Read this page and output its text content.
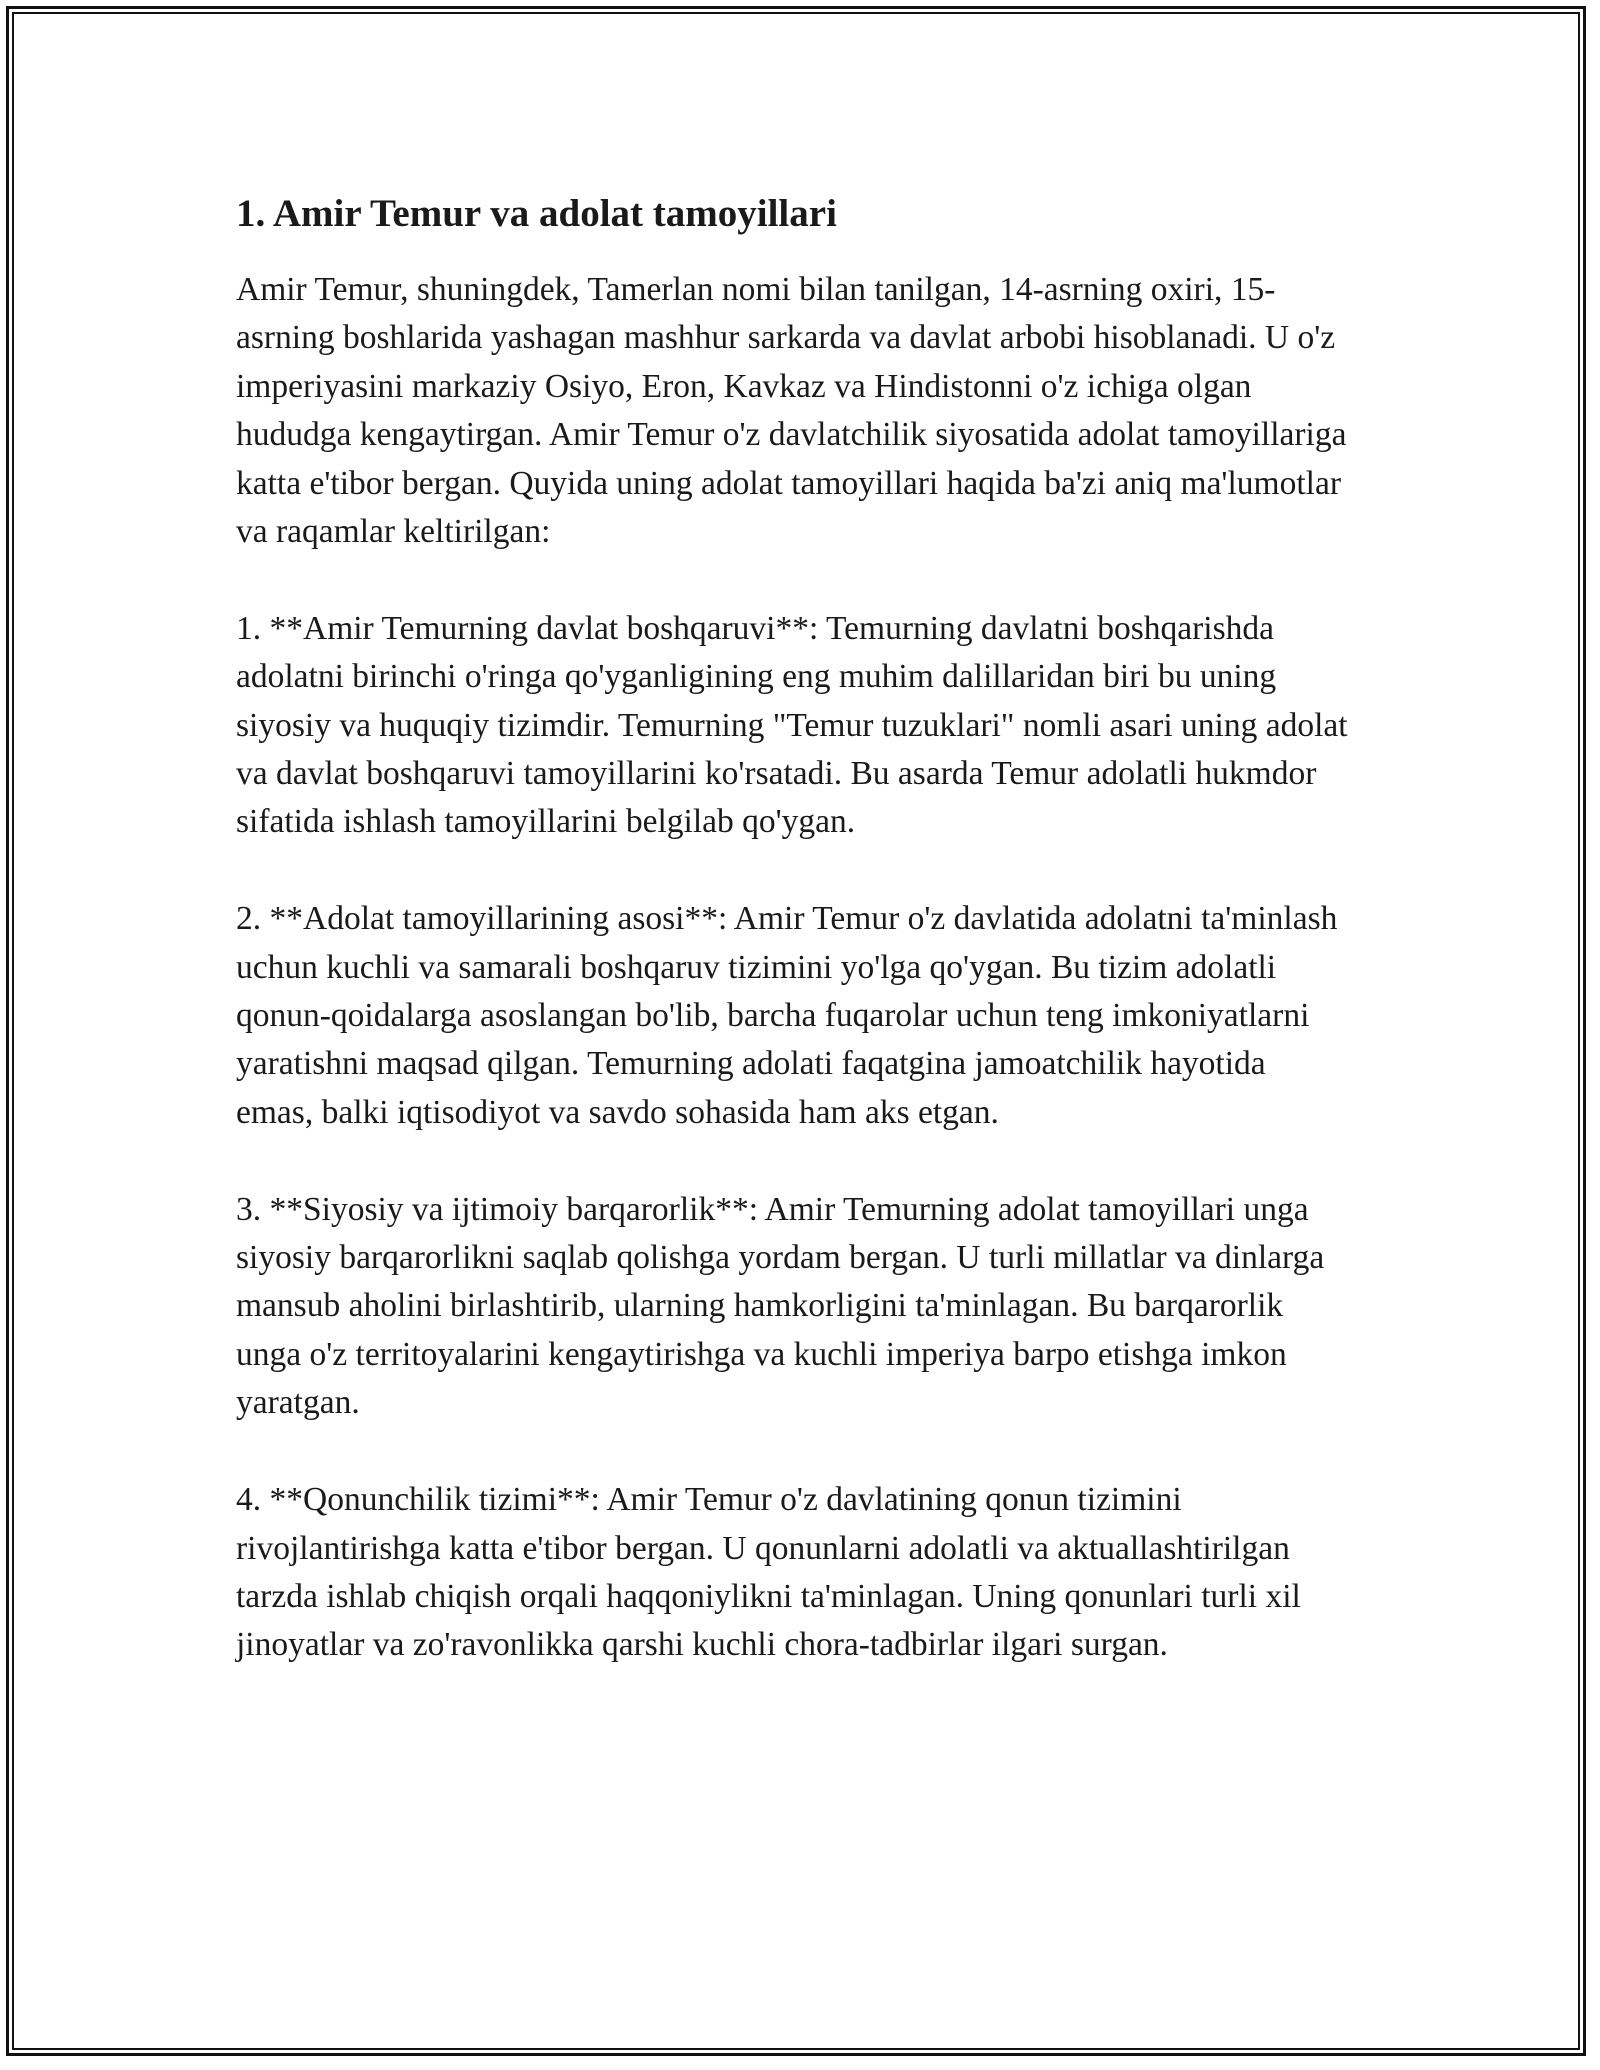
1. Amir Temur va adolat tamoyillari

Amir Temur, shuningdek, Tamerlan nomi bilan tanilgan, 14-asrning oxiri, 15-asrning boshlarida yashagan mashhur sarkarda va davlat arbobi hisoblanadi. U o'z imperiyasini markaziy Osiyo, Eron, Kavkaz va Hindistonni o'z ichiga olgan hududga kengaytirgan. Amir Temur o'z davlatchilik siyosatida adolat tamoyillariga katta e'tibor bergan. Quyida uning adolat tamoyillari haqida ba'zi aniq ma'lumotlar va raqamlar keltirilgan:

1. **Amir Temurning davlat boshqaruvi**: Temurning davlatni boshqarishda adolatni birinchi o'ringa qo'yganligining eng muhim dalillaridan biri bu uning siyosiy va huquqiy tizimdir. Temurning "Temur tuzuklari" nomli asari uning adolat va davlat boshqaruvi tamoyillarini ko'rsatadi. Bu asarda Temur adolatli hukmdor sifatida ishlash tamoyillarini belgilab qo'ygan.

2. **Adolat tamoyillarining asosi**: Amir Temur o'z davlatida adolatni ta'minlash uchun kuchli va samarali boshqaruv tizimini yo'lga qo'ygan. Bu tizim adolatli qonun-qoidalarga asoslangan bo'lib, barcha fuqarolar uchun teng imkoniyatlarni yaratishni maqsad qilgan. Temurning adolati faqatgina jamoatchilik hayotida emas, balki iqtisodiyot va savdo sohasida ham aks etgan.

3. **Siyosiy va ijtimoiy barqarorlik**: Amir Temurning adolat tamoyillari unga siyosiy barqarorlikni saqlab qolishga yordam bergan. U turli millatlar va dinlarga mansub aholini birlashtirib, ularning hamkorligini ta'minlagan. Bu barqarorlik unga o'z territoyalarini kengaytirishga va kuchli imperiya barpo etishga imkon yaratgan.

4. **Qonunchilik tizimi**: Amir Temur o'z davlatining qonun tizimini rivojlantirishga katta e'tibor bergan. U qonunlarni adolatli va aktuallashtirilgan tarzda ishlab chiqish orqali haqqoniylikni ta'minlagan. Uning qonunlari turli xil jinoyatlar va zo'ravonlikka qarshi kuchli chora-tadbirlar ilgari surgan.
